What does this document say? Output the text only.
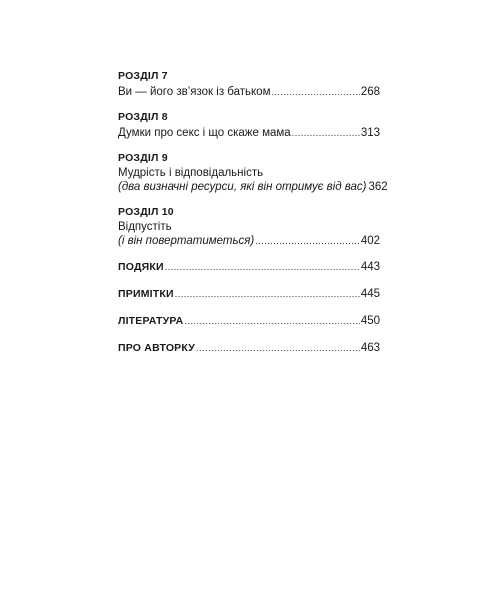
РОЗДІЛ 7
Ви — його зв’язок із батьком .....	268
РОЗДІЛ 8
Думки про секс і що скаже мама .....	313
РОЗДІЛ 9
Мудрість і відповідальність
(два визначні ресурси, які він отримує від вас) 362
РОЗДІЛ 10
Відпустіть
(і він повертатиметься) .....	402
ПОДЯКИ .....	443
ПРИМІТКИ .....	445
ЛІТЕРАТУРА .....	450
ПРО АВТОРКУ .....	463
